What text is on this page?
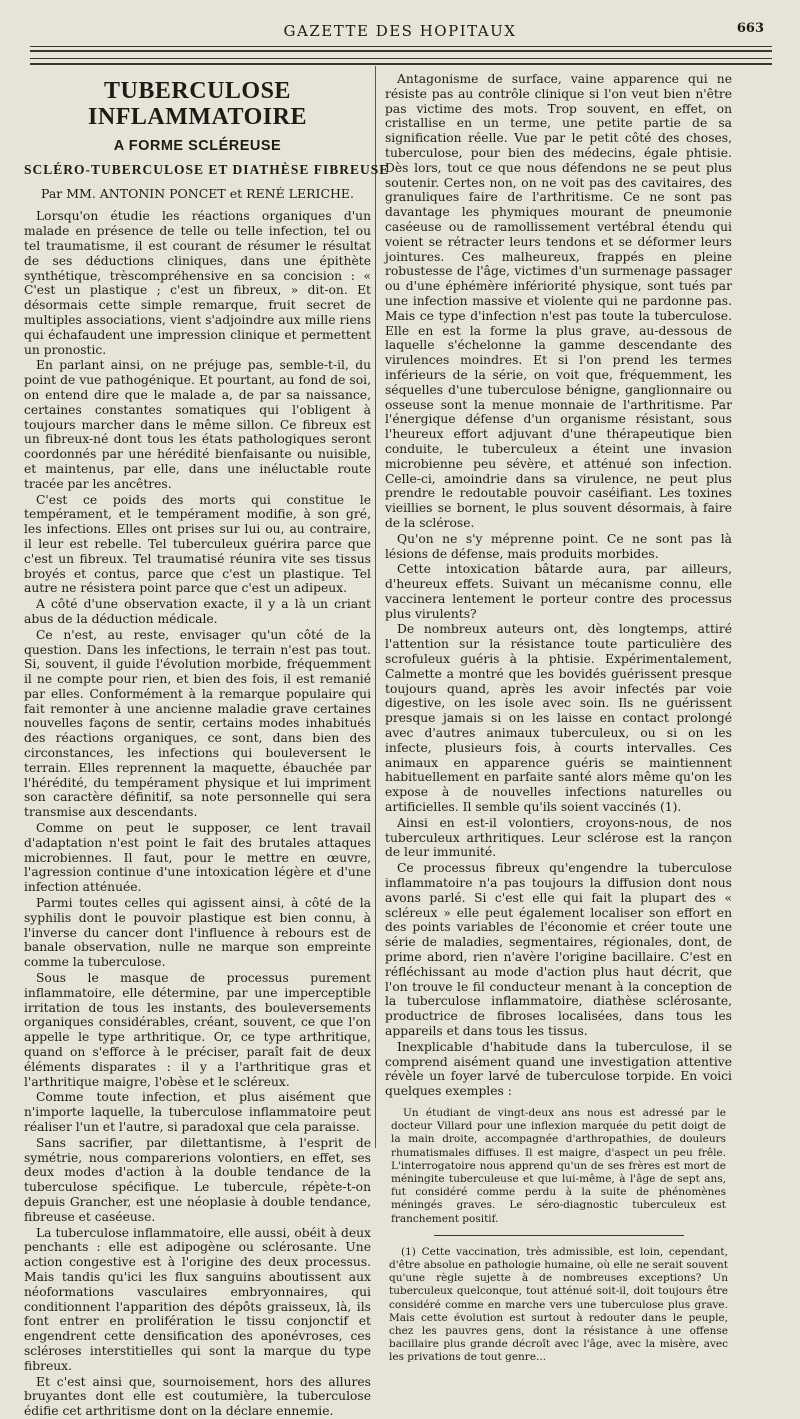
GAZETTE DES HOPITAUX	663
TUBERCULOSE INFLAMMATOIRE
A FORME SCLÉREUSE
SCLÉRO-TUBERCULOSE ET DIATHÈSE FIBREUSE
Par MM. ANTONIN PONCET et RENÉ LERICHE.

Lorsqu'on étudie les réactions organiques d'un malade en présence de telle ou telle infection, tel ou tel traumatisme, il est courant de résumer le résultat de ses déductions cliniques, dans une épithète synthétique, trèscompréhensive en sa concision : « C'est un plastique ; c'est un fibreux, » dit-on. Et désormais cette simple remarque, fruit secret de multiples associations, vient s'adjoindre aux mille riens qui échafaudent une impression clinique et permettent un pronostic.

En parlant ainsi, on ne préjuge pas, semble-t-il, du point de vue pathogénique. Et pourtant, au fond de soi, on entend dire que le malade a, de par sa naissance, certaines constantes somatiques qui l'obligent à toujours marcher dans le même sillon. Ce fibreux est un fibreux-né dont tous les états pathologiques seront coordonnés par une hérédité bienfaisante ou nuisible, et maintenus, par elle, dans une inéluctable route tracée par les ancêtres.

C'est ce poids des morts qui constitue le tempérament, et le tempérament modifie, à son gré, les infections. Elles ont prises sur lui ou, au contraire, il leur est rebelle. Tel tuberculeux guérira parce que c'est un fibreux. Tel traumatisé réunira vite ses tissus broyés et contus, parce que c'est un plastique. Tel autre ne résistera point parce que c'est un adipeux.

A côté d'une observation exacte, il y a là un criant abus de la déduction médicale.

Ce n'est, au reste, envisager qu'un côté de la question. Dans les infections, le terrain n'est pas tout. Si, souvent, il guide l'évolution morbide, fréquemment il ne compte pour rien, et bien des fois, il est remanié par elles. Conformément à la remarque populaire qui fait remonter à une ancienne maladie grave certaines nouvelles façons de sentir, certains modes inhabitués des réactions organiques, ce sont, dans bien des circonstances, les infections qui bouleversent le terrain. Elles reprennent la maquette, ébauchée par l'hérédité, du tempérament physique et lui impriment son caractère définitif, sa note personnelle qui sera transmise aux descendants.

Comme on peut le supposer, ce lent travail d'adaptation n'est point le fait des brutales attaques microbiennes. Il faut, pour le mettre en œuvre, l'agression continue d'une intoxication légère et d'une infection atténuée.

Parmi toutes celles qui agissent ainsi, à côté de la syphilis dont le pouvoir plastique est bien connu, à l'inverse du cancer dont l'influence à rebours est de banale observation, nulle ne marque son empreinte comme la tuberculose.

Sous le masque de processus purement inflammatoire, elle détermine, par une imperceptible irritation de tous les instants, des bouleversements organiques considérables, créant, souvent, ce que l'on appelle le type arthritique. Or, ce type arthritique, quand on s'efforce à le préciser, paraît fait de deux éléments disparates : il y a l'arthritique gras et l'arthritique maigre, l'obèse et le scléreux.

Comme toute infection, et plus aisément que n'importe laquelle, la tuberculose inflammatoire peut réaliser l'un et l'autre, si paradoxal que cela paraisse.

Sans sacrifier, par dilettantisme, à l'esprit de symétrie, nous comparerions volontiers, en effet, ses deux modes d'action à la double tendance de la tuberculose spécifique. Le tubercule, répète-t-on depuis Grancher, est une néoplasie à double tendance, fibreuse et caséeuse.

La tuberculose inflammatoire, elle aussi, obéit à deux penchants : elle est adipogène ou sclérosante. Une action congestive est à l'origine des deux processus. Mais tandis qu'ici les flux sanguins aboutissent aux néoformations vasculaires embryonnaires, qui conditionnent l'apparition des dépôts graisseux, là, ils font entrer en prolifération le tissu conjonctif et engendrent cette densification des aponévroses, ces scléroses interstitielles qui sont la marque du type fibreux.

Et c'est ainsi que, sournoisement, hors des allures bruyantes dont elle est coutumière, la tuberculose édifie cet arthritisme dont on la déclare ennemie.

Antagonisme de surface, vaine apparence qui ne résiste pas au contrôle clinique si l'on veut bien n'être pas victime des mots. Trop souvent, en effet, on cristallise en un terme, une petite partie de sa signification réelle. Vue par le petit côté des choses, tuberculose, pour bien des médecins, égale phtisie. Dès lors, tout ce que nous défendons ne se peut plus soutenir. Certes non, on ne voit pas des cavitaires, des granuliques faire de l'arthritisme. Ce ne sont pas davantage les phymiques mourant de pneumonie caséeuse ou de ramollissement vertébral étendu qui voient se rétracter leurs tendons et se déformer leurs jointures. Ces malheureux, frappés en pleine robustesse de l'âge, victimes d'un surmenage passager ou d'une éphémère infériorité physique, sont tués par une infection massive et violente qui ne pardonne pas. Mais ce type d'infection n'est pas toute la tuberculose. Elle en est la forme la plus grave, au-dessous de laquelle s'échelonne la gamme descendante des virulences moindres. Et si l'on prend les termes inférieurs de la série, on voit que, fréquemment, les séquelles d'une tuberculose bénigne, ganglionnaire ou osseuse sont la menue monnaie de l'arthritisme. Par l'énergique défense d'un organisme résistant, sous l'heureux effort adjuvant d'une thérapeutique bien conduite, le tuberculeux a éteint une invasion microbienne peu sévère, et atténué son infection. Celle-ci, amoindrie dans sa virulence, ne peut plus prendre le redoutable pouvoir caséifiant. Les toxines vieillies se bornent, le plus souvent désormais, à faire de la sclérose.

Qu'on ne s'y méprenne point. Ce ne sont pas là lésions de défense, mais produits morbides.

Cette intoxication bâtarde aura, par ailleurs, d'heureux effets. Suivant un mécanisme connu, elle vaccinera lentement le porteur contre des processus plus virulents?

De nombreux auteurs ont, dès longtemps, attiré l'attention sur la résistance toute particulière des scrofuleux guéris à la phtisie. Expérimentalement, Calmette a montré que les bovidés guérissent presque toujours quand, après les avoir infectés par voie digestive, on les isole avec soin. Ils ne guérissent presque jamais si on les laisse en contact prolongé avec d'autres animaux tuberculeux, ou si on les infecte, plusieurs fois, à courts intervalles. Ces animaux en apparence guéris se maintiennent habituellement en parfaite santé alors même qu'on les expose à de nouvelles infections naturelles ou artificielles. Il semble qu'ils soient vaccinés (1).

Ainsi en est-il volontiers, croyons-nous, de nos tuberculeux arthritiques. Leur sclérose est la rançon de leur immunité.

Ce processus fibreux qu'engendre la tuberculose inflammatoire n'a pas toujours la diffusion dont nous avons parlé. Si c'est elle qui fait la plupart des « scléreux » elle peut également localiser son effort en des points variables de l'économie et créer toute une série de maladies, segmentaires, régionales, dont, de prime abord, rien n'avère l'origine bacillaire. C'est en réfléchissant au mode d'action plus haut décrit, que l'on trouve le fil conducteur menant à la conception de la tuberculose inflammatoire, diathèse sclérosante, productrice de fibroses localisées, dans tous les appareils et dans tous les tissus.

Inexplicable d'habitude dans la tuberculose, il se comprend aisément quand une investigation attentive révèle un foyer larvé de tuberculose torpide. En voici quelques exemples :

Un étudiant de vingt-deux ans nous est adressé par le docteur Villard pour une inflexion marquée du petit doigt de la main droite, accompagnée d'arthropathies, de douleurs rhumatismales diffuses. Il est maigre, d'aspect un peu frêle. L'interrogatoire nous apprend qu'un de ses frères est mort de méningite tuberculeuse et que lui-même, à l'âge de sept ans, fut considéré comme perdu à la suite de phénomènes méningés graves. Le séro-diagnostic tuberculeux est franchement positif.

(1) Cette vaccination, très admissible, est loin, cependant, d'être absolue en pathologie humaine, où elle ne serait souvent qu'une règle sujette à de nombreuses exceptions? Un tuberculeux quelconque, tout atténué soit-il, doit toujours être considéré comme en marche vers une tuberculose plus grave. Mais cette évolution est surtout à redouter dans le peuple, chez les pauvres gens, dont la résistance à une offense bacillaire plus grande décroît avec l'âge, avec la misère, avec les privations de tout genre...
